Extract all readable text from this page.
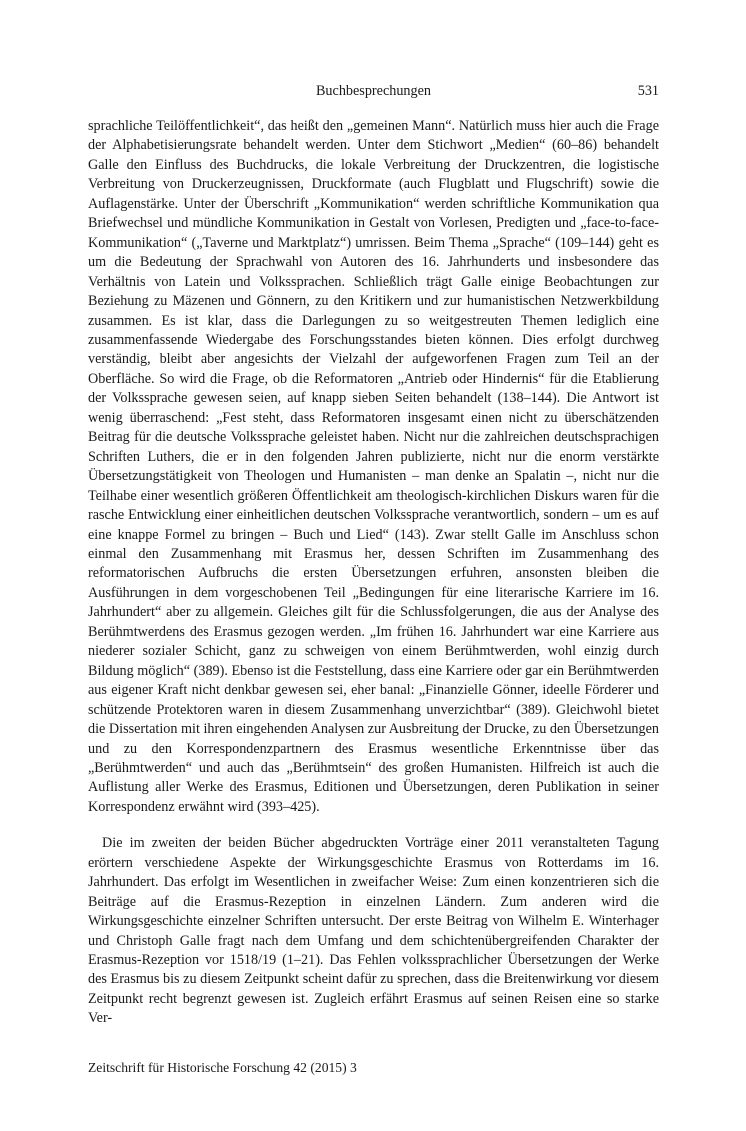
Buchbesprechungen	531

sprachliche Teilöffentlichkeit“, das heißt den „gemeinen Mann“. Natürlich muss hier auch die Frage der Alphabetisierungsrate behandelt werden. Unter dem Stichwort „Medien“ (60–86) behandelt Galle den Einfluss des Buchdrucks, die lokale Verbreitung der Druckzentren, die logistische Verbreitung von Druckerzeugnissen, Druckformate (auch Flugblatt und Flugschrift) sowie die Auflagenstärke. Unter der Überschrift „Kommunikation“ werden schriftliche Kommunikation qua Briefwechsel und mündliche Kommunikation in Gestalt von Vorlesen, Predigten und „face-to-face-Kommunikation“ („Taverne und Marktplatz“) umrissen. Beim Thema „Sprache“ (109–144) geht es um die Bedeutung der Sprachwahl von Autoren des 16. Jahrhunderts und insbesondere das Verhältnis von Latein und Volkssprachen. Schließlich trägt Galle einige Beobachtungen zur Beziehung zu Mäzenen und Gönnern, zu den Kritikern und zur humanistischen Netzwerkbildung zusammen. Es ist klar, dass die Darlegungen zu so weitgestreuten Themen lediglich eine zusammenfassende Wiedergabe des Forschungsstandes bieten können. Dies erfolgt durchweg verständig, bleibt aber angesichts der Vielzahl der aufgeworfenen Fragen zum Teil an der Oberfläche. So wird die Frage, ob die Reformatoren „Antrieb oder Hindernis“ für die Etablierung der Volkssprache gewesen seien, auf knapp sieben Seiten behandelt (138–144). Die Antwort ist wenig überraschend: „Fest steht, dass Reformatoren insgesamt einen nicht zu überschätzenden Beitrag für die deutsche Volkssprache geleistet haben. Nicht nur die zahlreichen deutschsprachigen Schriften Luthers, die er in den folgenden Jahren publizierte, nicht nur die enorm verstärkte Übersetzungstätigkeit von Theologen und Humanisten – man denke an Spalatin –, nicht nur die Teilhabe einer wesentlich größeren Öffentlichkeit am theologisch-kirchlichen Diskurs waren für die rasche Entwicklung einer einheitlichen deutschen Volkssprache verantwortlich, sondern – um es auf eine knappe Formel zu bringen – Buch und Lied“ (143). Zwar stellt Galle im Anschluss schon einmal den Zusammenhang mit Erasmus her, dessen Schriften im Zusammenhang des reformatorischen Aufbruchs die ersten Übersetzungen erfuhren, ansonsten bleiben die Ausführungen in dem vorgeschobenen Teil „Bedingungen für eine literarische Karriere im 16. Jahrhundert“ aber zu allgemein. Gleiches gilt für die Schlussfolgerungen, die aus der Analyse des Berühmtwerdens des Erasmus gezogen werden. „Im frühen 16. Jahrhundert war eine Karriere aus niederer sozialer Schicht, ganz zu schweigen von einem Berühmtwerden, wohl einzig durch Bildung möglich“ (389). Ebenso ist die Feststellung, dass eine Karriere oder gar ein Berühmtwerden aus eigener Kraft nicht denkbar gewesen sei, eher banal: „Finanzielle Gönner, ideelle Förderer und schützende Protektoren waren in diesem Zusammenhang unverzichtbar“ (389). Gleichwohl bietet die Dissertation mit ihren eingehenden Analysen zur Ausbreitung der Drucke, zu den Übersetzungen und zu den Korrespondenzpartnern des Erasmus wesentliche Erkenntnisse über das „Berühmtwerden“ und auch das „Berühmtsein“ des großen Humanisten. Hilfreich ist auch die Auflistung aller Werke des Erasmus, Editionen und Übersetzungen, deren Publikation in seiner Korrespondenz erwähnt wird (393–425).

Die im zweiten der beiden Bücher abgedruckten Vorträge einer 2011 veranstalteten Tagung erörtern verschiedene Aspekte der Wirkungsgeschichte Erasmus von Rotterdams im 16. Jahrhundert. Das erfolgt im Wesentlichen in zweifacher Weise: Zum einen konzentrieren sich die Beiträge auf die Erasmus-Rezeption in einzelnen Ländern. Zum anderen wird die Wirkungsgeschichte einzelner Schriften untersucht. Der erste Beitrag von Wilhelm E. Winterhager und Christoph Galle fragt nach dem Umfang und dem schichtenübergreifenden Charakter der Erasmus-Rezeption vor 1518/19 (1–21). Das Fehlen volkssprachlicher Übersetzungen der Werke des Erasmus bis zu diesem Zeitpunkt scheint dafür zu sprechen, dass die Breitenwirkung vor diesem Zeitpunkt recht begrenzt gewesen ist. Zugleich erfährt Erasmus auf seinen Reisen eine so starke Ver-

Zeitschrift für Historische Forschung 42 (2015) 3
